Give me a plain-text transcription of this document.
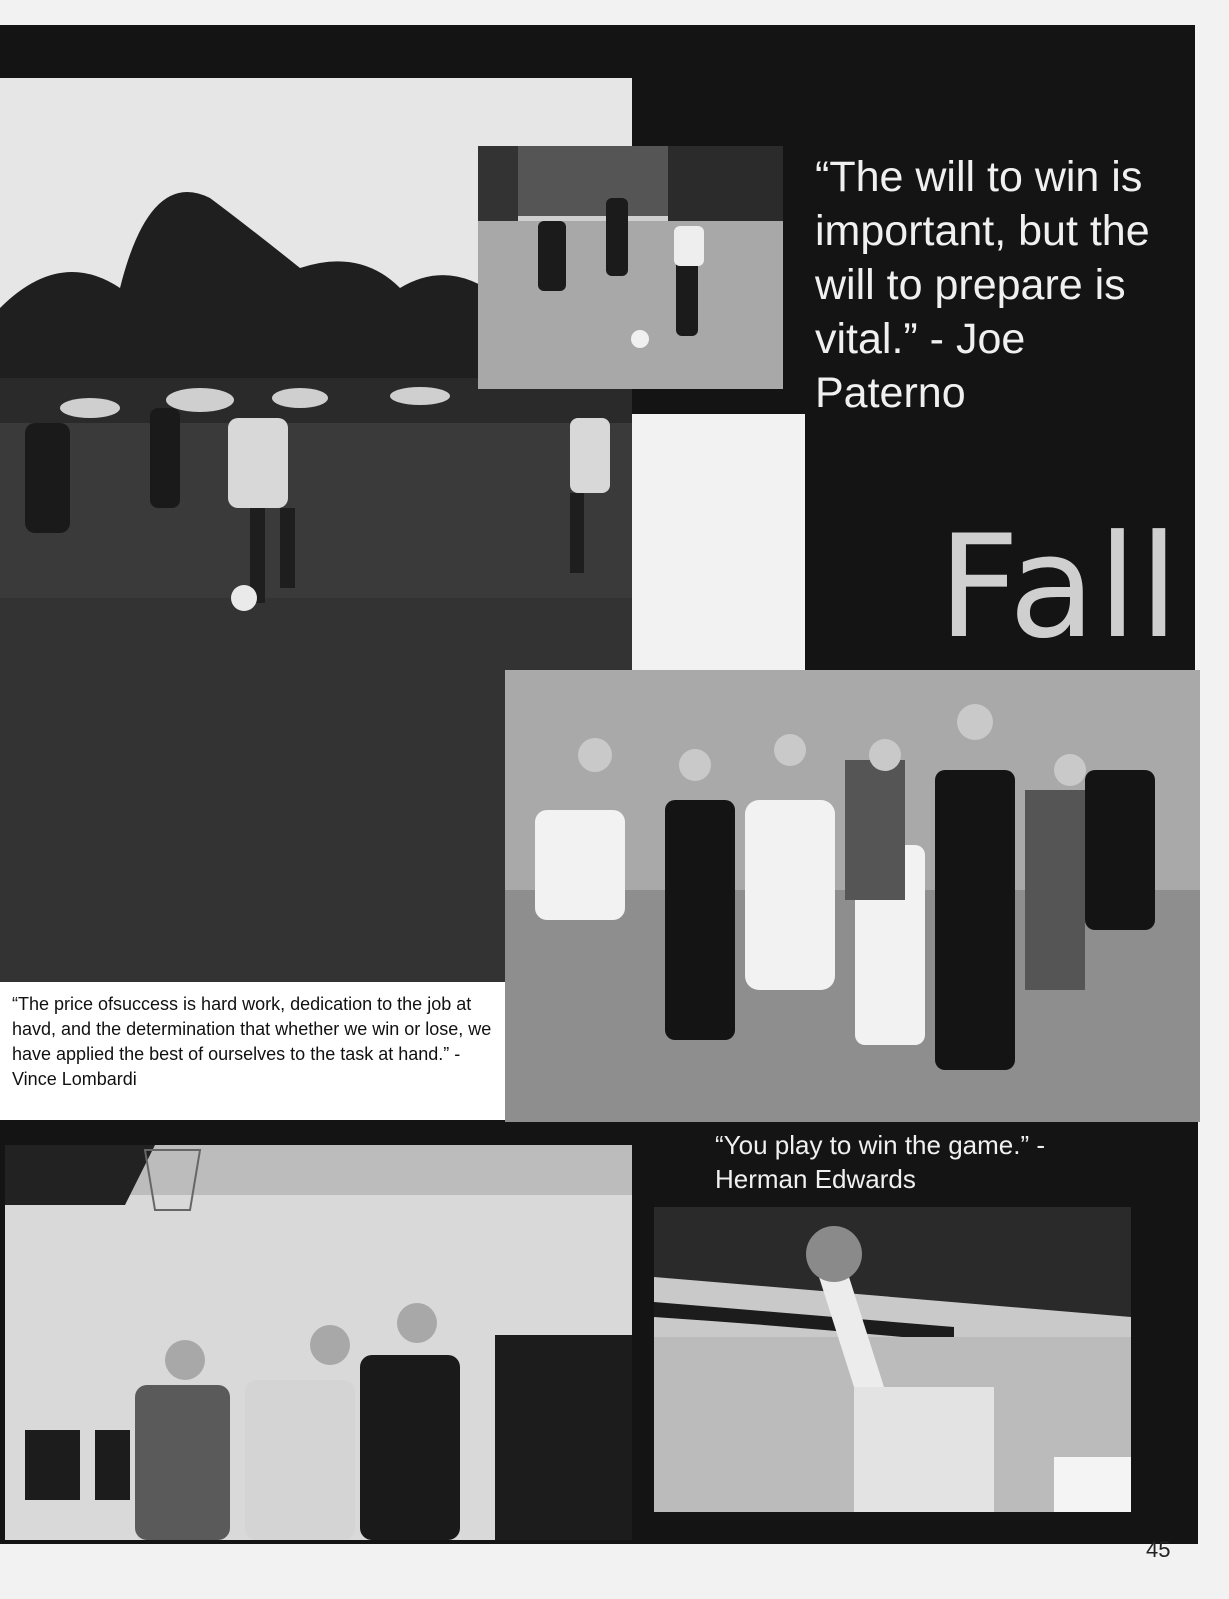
“The will to win is important, but the will to prepare is vital.” - Joe Paterno

Fall

“The price ofsuccess is hard work, dedication to the job at havd, and the determination that whether we win or lose, we have applied the best of ourselves to the task at hand.” - Vince Lombardi

“You play to win the game.” - Herman Edwards

45
